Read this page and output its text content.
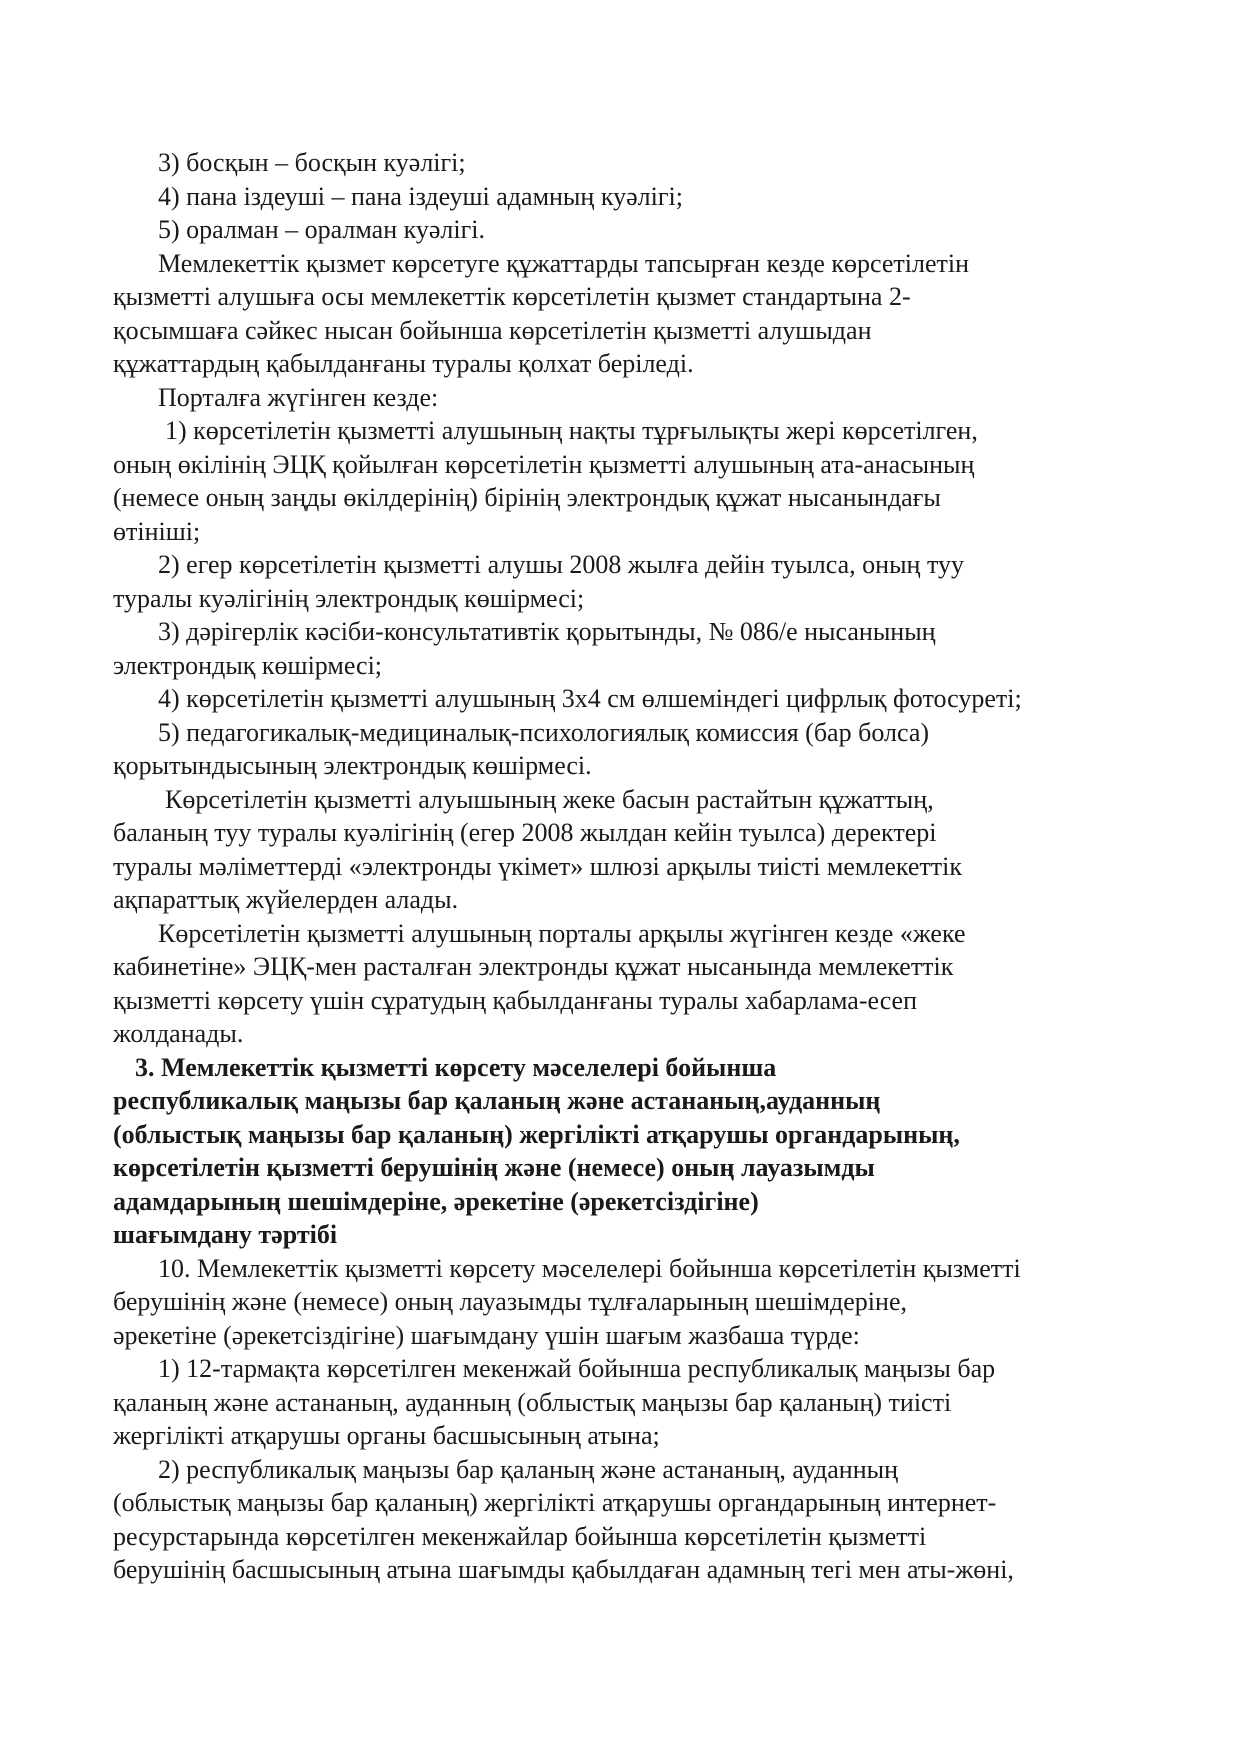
3) босқын – босқын куәлігі;
4) пана іздеуші – пана іздеуші адамның куәлігі;
5) оралман – оралман куәлігі.
Мемлекеттік қызмет көрсетуге құжаттарды тапсырған кезде көрсетілетін
қызметті алушыға осы мемлекеттік көрсетілетін қызмет стандартына 2-
қосымшаға сәйкес нысан бойынша көрсетілетін қызметті алушыдан
құжаттардың қабылданғаны туралы қолхат беріледі.
Порталға жүгінген кезде:
1) көрсетілетін қызметті алушының нақты тұрғылықты жері көрсетілген,
оның өкілінің ЭЦҚ қойылған көрсетілетін қызметті алушының ата-анасының
(немесе оның заңды өкілдерінің) бірінің электрондық құжат нысанындағы
өтініші;
2) егер көрсетілетін қызметті алушы 2008 жылға дейін туылса, оның туу
туралы куәлігінің электрондық көшірмесі;
3) дәрігерлік кәсіби-консультативтік қорытынды, № 086/е нысанының
электрондық көшірмесі;
4) көрсетілетін қызметті алушының 3х4 см өлшеміндегі цифрлық фотосуреті;
5) педагогикалық-медициналық-психологиялық комиссия (бар болса)
қорытындысының электрондық көшірмесі.
Көрсетілетін қызметті алуышының жеке басын растайтын құжаттың,
баланың туу туралы куәлігінің (егер 2008 жылдан кейін туылса) деректері
туралы мәліметтерді «электронды үкімет» шлюзі арқылы тиісті мемлекеттік
ақпараттық жүйелерден алады.
Көрсетілетін қызметті алушының порталы арқылы жүгінген кезде «жеке
кабинетіне» ЭЦҚ-мен расталған электронды құжат нысанында мемлекеттік
қызметті көрсету үшін сұратудың қабылданғаны туралы хабарлама-есеп
жолданады.
3. Мемлекеттік қызметті көрсету мәселелері бойынша
республикалық маңызы бар қаланың және астананың,ауданның
(облыстық маңызы бар қаланың) жергілікті атқарушы органдарының,
көрсетілетін қызметті берушінің және (немесе) оның лауазымды
адамдарының шешімдеріне, әрекетіне (әрекетсіздігіне)
шағымдану тәртібі
10. Мемлекеттік қызметті көрсету мәселелері бойынша көрсетілетін қызметті
берушінің және (немесе) оның лауазымды тұлғаларының шешімдеріне,
әрекетіне (әрекетсіздігіне) шағымдану үшін шағым жазбаша түрде:
1) 12-тармақта көрсетілген мекенжай бойынша республикалық маңызы бар
қаланың және астананың, ауданның (облыстық маңызы бар қаланың) тиісті
жергілікті атқарушы органы басшысының атына;
2) республикалық маңызы бар қаланың және астананың, ауданның
(облыстық маңызы бар қаланың) жергілікті атқарушы органдарының интернет-
ресурстарында көрсетілген мекенжайлар бойынша көрсетілетін қызметті
берушінің басшысының атына шағымды қабылдаған адамның тегі мен аты-жөні,
